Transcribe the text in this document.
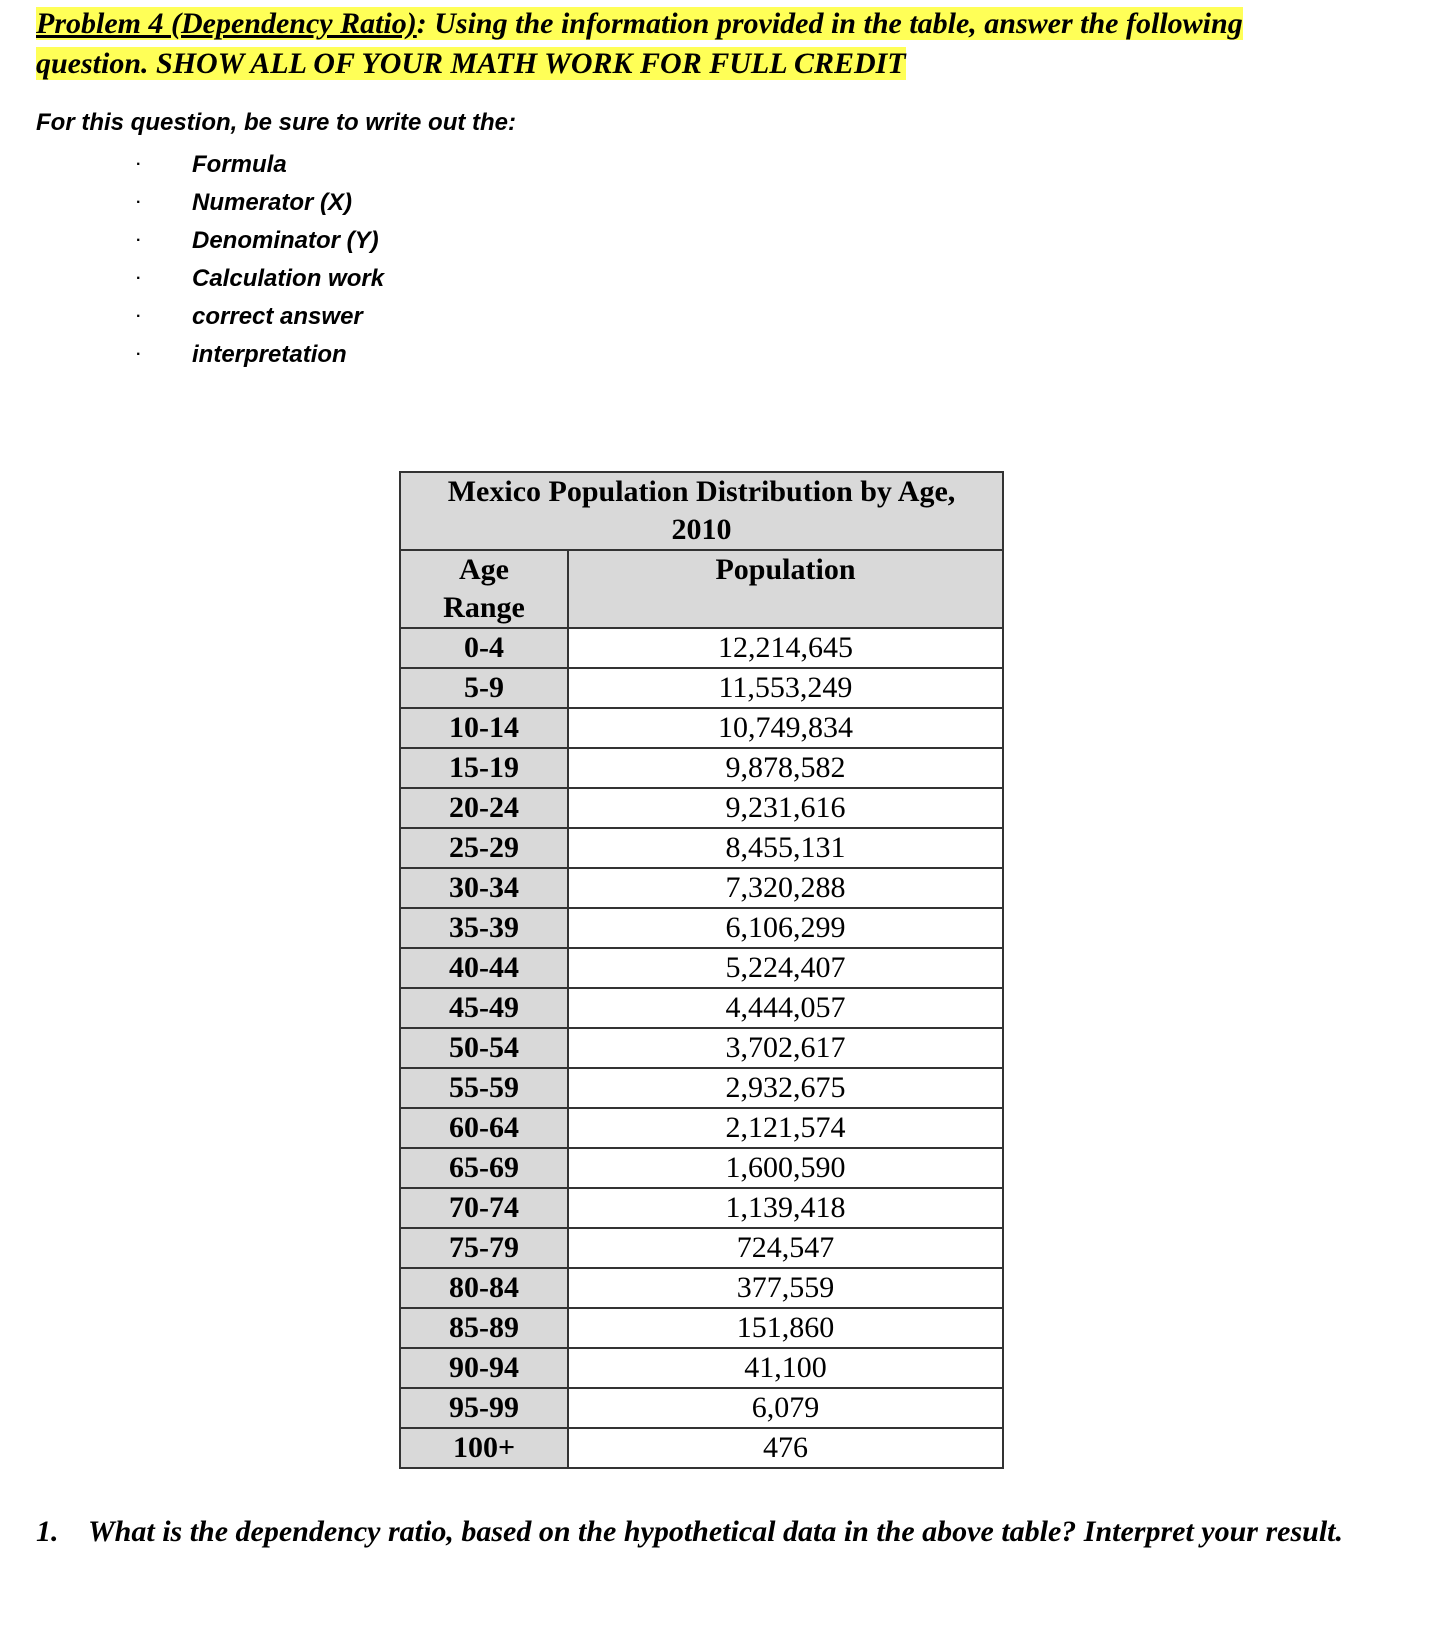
Problem 4 (Dependency Ratio): Using the information provided in the table, answer the following
question. SHOW ALL OF YOUR MATH WORK FOR FULL CREDIT
For this question, be sure to write out the:
·	Formula
·	Numerator (X)
·	Denominator (Y)
·	Calculation work
·	correct answer
·	interpretation
Mexico Population Distribution by Age,
2010	
Age
Range	Population
0-4	12,214,645
5-9	11,553,249
10-14	10,749,834
15-19	9,878,582
20-24	9,231,616
25-29	8,455,131
30-34	7,320,288
35-39	6,106,299
40-44	5,224,407
45-49	4,444,057
50-54	3,702,617
55-59	2,932,675
60-64	2,121,574
65-69	1,600,590
70-74	1,139,418
75-79	724,547
80-84	377,559
85-89	151,860
90-94	41,100
95-99	6,079
100+	476
1. What is the dependency ratio, based on the hypothetical data in the above table? Interpret your result.
